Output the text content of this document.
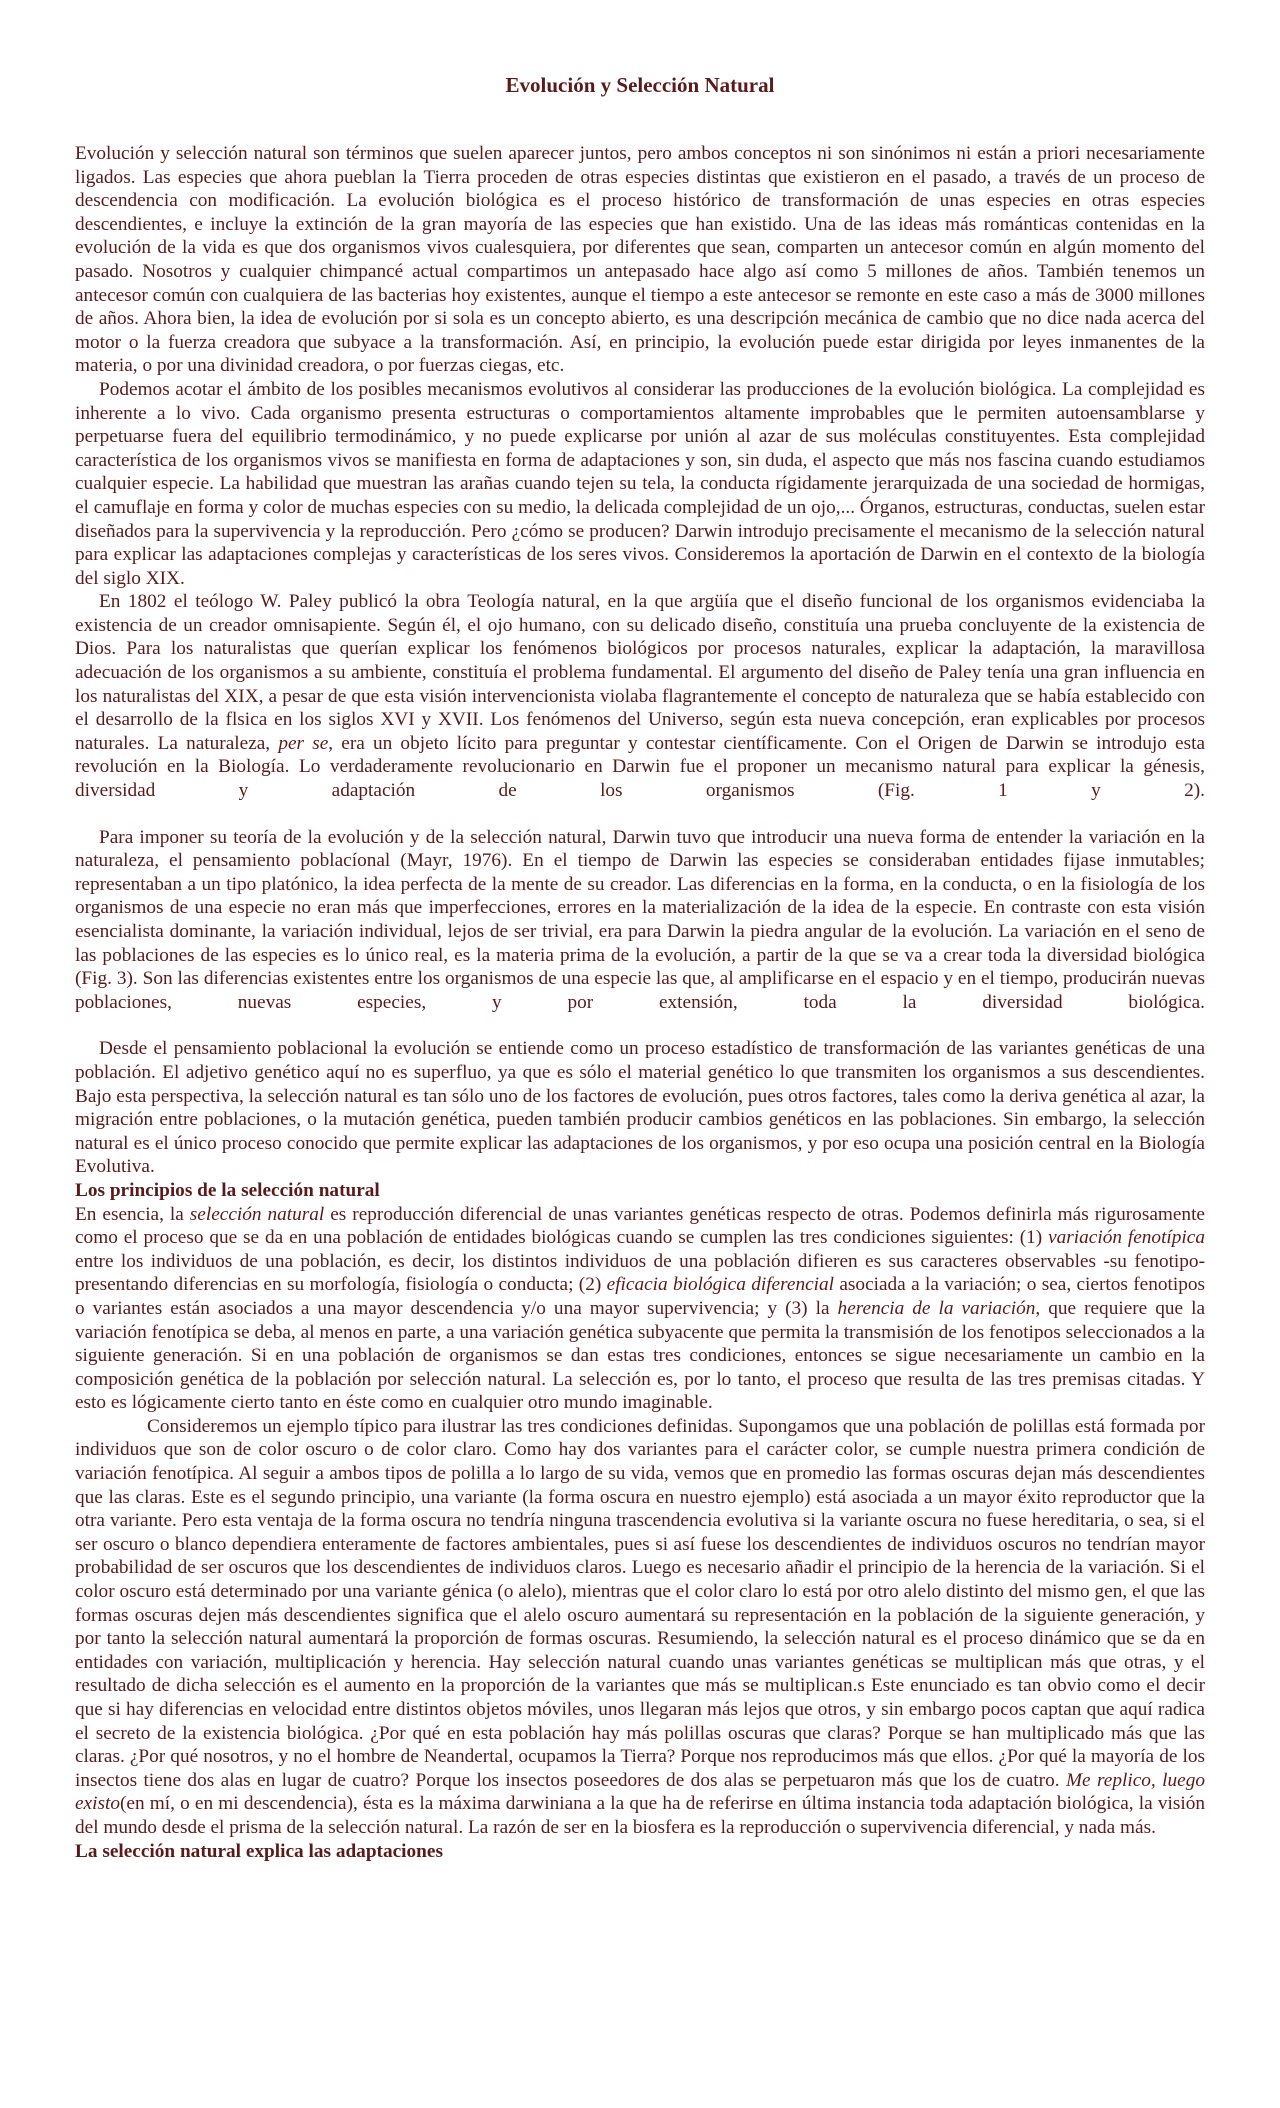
Evolución y Selección Natural

Evolución y selección natural son términos que suelen aparecer juntos, pero ambos conceptos ni son sinónimos ni están a priori necesariamente ligados. Las especies que ahora pueblan la Tierra proceden de otras especies distintas que existieron en el pasado, a través de un proceso de descendencia con modificación. La evolución biológica es el proceso histórico de transformación de unas especies en otras especies descendientes, e incluye la extinción de la gran mayoría de las especies que han existido. Una de las ideas más románticas contenidas en la evolución de la vida es que dos organismos vivos cualesquiera, por diferentes que sean, comparten un antecesor común en algún momento del pasado. Nosotros y cualquier chimpancé actual compartimos un antepasado hace algo así como 5 millones de años. También tenemos un antecesor común con cualquiera de las bacterias hoy existentes, aunque el tiempo a este antecesor se remonte en este caso a más de 3000 millones de años. Ahora bien, la idea de evolución por si sola es un concepto abierto, es una descripción mecánica de cambio que no dice nada acerca del motor o la fuerza creadora que subyace a la transformación. Así, en principio, la evolución puede estar dirigida por leyes inmanentes de la materia, o por una divinidad creadora, o por fuerzas ciegas, etc.

Podemos acotar el ámbito de los posibles mecanismos evolutivos al considerar las producciones de la evolución biológica. La complejidad es inherente a lo vivo. Cada organismo presenta estructuras o comportamientos altamente improbables que le permiten autoensamblarse y perpetuarse fuera del equilibrio termodinámico, y no puede explicarse por unión al azar de sus moléculas constituyentes. Esta complejidad característica de los organismos vivos se manifiesta en forma de adaptaciones y son, sin duda, el aspecto que más nos fascina cuando estudiamos cualquier especie. La habilidad que muestran las arañas cuando tejen su tela, la conducta rígidamente jerarquizada de una sociedad de hormigas, el camuflaje en forma y color de muchas especies con su medio, la delicada complejidad de un ojo,... Órganos, estructuras, conductas, suelen estar diseñados para la supervivencia y la reproducción. Pero ¿cómo se producen? Darwin introdujo precisamente el mecanismo de la selección natural para explicar las adaptaciones complejas y características de los seres vivos. Consideremos la aportación de Darwin en el contexto de la biología del siglo XIX.

En 1802 el teólogo W. Paley publicó la obra Teología natural, en la que argüía que el diseño funcional de los organismos evidenciaba la existencia de un creador omnisapiente. Según él, el ojo humano, con su delicado diseño, constituía una prueba concluyente de la existencia de Dios. Para los naturalistas que querían explicar los fenómenos biológicos por procesos naturales, explicar la adaptación, la maravillosa adecuación de los organismos a su ambiente, constituía el problema fundamental. El argumento del diseño de Paley tenía una gran influencia en los naturalistas del XIX, a pesar de que esta visión intervencionista violaba flagrantemente el concepto de naturaleza que se había establecido con el desarrollo de la flsica en los siglos XVI y XVII. Los fenómenos del Universo, según esta nueva concepción, eran explicables por procesos naturales. La naturaleza, per se, era un objeto lícito para preguntar y contestar científicamente. Con el Origen de Darwin se introdujo esta revolución en la Biología. Lo verdaderamente revolucionario en Darwin fue el proponer un mecanismo natural para explicar la génesis, diversidad y adaptación de los organismos (Fig. 1 y 2).

Para imponer su teoría de la evolución y de la selección natural, Darwin tuvo que introducir una nueva forma de entender la variación en la naturaleza, el pensamiento poblacíonal (Mayr, 1976). En el tiempo de Darwin las especies se consideraban entidades fijase inmutables; representaban a un tipo platónico, la idea perfecta de la mente de su creador. Las diferencias en la forma, en la conducta, o en la fisiología de los organismos de una especie no eran más que imperfecciones, errores en la materialización de la idea de la especie. En contraste con esta visión esencialista dominante, la variación individual, lejos de ser trivial, era para Darwin la piedra angular de la evolución. La variación en el seno de las poblaciones de las especies es lo único real, es la materia prima de la evolución, a partir de la que se va a crear toda la diversidad biológica (Fig. 3). Son las diferencias existentes entre los organismos de una especie las que, al amplificarse en el espacio y en el tiempo, producirán nuevas poblaciones, nuevas especies, y por extensión, toda la diversidad biológica.

Desde el pensamiento poblacional la evolución se entiende como un proceso estadístico de transformación de las variantes genéticas de una población. El adjetivo genético aquí no es superfluo, ya que es sólo el material genético lo que transmiten los organismos a sus descendientes. Bajo esta perspectiva, la selección natural es tan sólo uno de los factores de evolución, pues otros factores, tales como la deriva genética al azar, la migración entre poblaciones, o la mutación genética, pueden también producir cambios genéticos en las poblaciones. Sin embargo, la selección natural es el único proceso conocido que permite explicar las adaptaciones de los organismos, y por eso ocupa una posición central en la Biología Evolutiva.

Los principios de la selección natural

En esencia, la selección natural es reproducción diferencial de unas variantes genéticas respecto de otras. Podemos definirla más rigurosamente como el proceso que se da en una población de entidades biológicas cuando se cumplen las tres condiciones siguientes: (1) variación fenotípica entre los individuos de una población, es decir, los distintos individuos de una población difieren es sus caracteres observables -su fenotipo- presentando diferencias en su morfología, fisiología o conducta; (2) eficacia biológica diferencial asociada a la variación; o sea, ciertos fenotipos o variantes están asociados a una mayor descendencia y/o una mayor supervivencia; y (3) la herencia de la variación, que requiere que la variación fenotípica se deba, al menos en parte, a una variación genética subyacente que permita la transmisión de los fenotipos seleccionados a la siguiente generación. Si en una población de organismos se dan estas tres condiciones, entonces se sigue necesariamente un cambio en la composición genética de la población por selección natural. La selección es, por lo tanto, el proceso que resulta de las tres premisas citadas. Y esto es lógicamente cierto tanto en éste como en cualquier otro mundo imaginable.

Consideremos un ejemplo típico para ilustrar las tres condiciones definidas. Supongamos que una población de polillas está formada por individuos que son de color oscuro o de color claro. Como hay dos variantes para el carácter color, se cumple nuestra primera condición de variación fenotípica. Al seguir a ambos tipos de polilla a lo largo de su vida, vemos que en promedio las formas oscuras dejan más descendientes que las claras. Este es el segundo principio, una variante (la forma oscura en nuestro ejemplo) está asociada a un mayor éxito reproductor que la otra variante. Pero esta ventaja de la forma oscura no tendría ninguna trascendencia evolutiva si la variante oscura no fuese hereditaria, o sea, si el ser oscuro o blanco dependiera enteramente de factores ambientales, pues si así fuese los descendientes de individuos oscuros no tendrían mayor probabilidad de ser oscuros que los descendientes de individuos claros. Luego es necesario añadir el principio de la herencia de la variación. Si el color oscuro está determinado por una variante génica (o alelo), mientras que el color claro lo está por otro alelo distinto del mismo gen, el que las formas oscuras dejen más descendientes significa que el alelo oscuro aumentará su representación en la población de la siguiente generación, y por tanto la selección natural aumentará la proporción de formas oscuras. Resumiendo, la selección natural es el proceso dinámico que se da en entidades con variación, multiplicación y herencia. Hay selección natural cuando unas variantes genéticas se multiplican más que otras, y el resultado de dicha selección es el aumento en la proporción de la variantes que más se multiplican.s Este enunciado es tan obvio como el decir que si hay diferencias en velocidad entre distintos objetos móviles, unos llegaran más lejos que otros, y sin embargo pocos captan que aquí radica el secreto de la existencia biológica. ¿Por qué en esta población hay más polillas oscuras que claras? Porque se han multiplicado más que las claras. ¿Por qué nosotros, y no el hombre de Neandertal, ocupamos la Tierra? Porque nos reproducimos más que ellos. ¿Por qué la mayoría de los insectos tiene dos alas en lugar de cuatro? Porque los insectos poseedores de dos alas se perpetuaron más que los de cuatro. Me replico, luego existo(en mí, o en mi descendencia), ésta es la máxima darwiniana a la que ha de referirse en última instancia toda adaptación biológica, la visión del mundo desde el prisma de la selección natural. La razón de ser en la biosfera es la reproducción o supervivencia diferencial, y nada más.

La selección natural explica las adaptaciones
